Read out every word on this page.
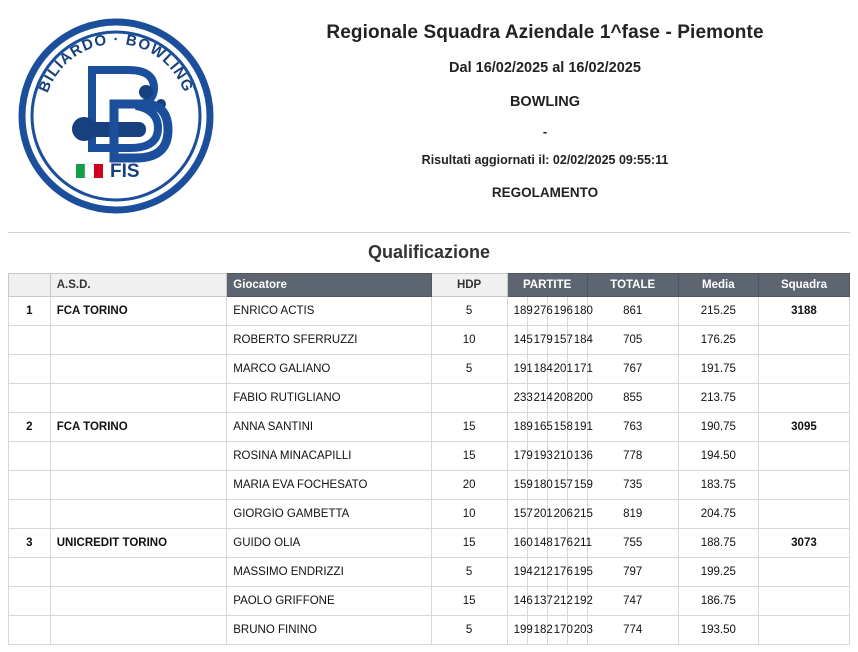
BILIARDO · BOWLING
FIS
Regionale Squadra Aziendale 1^fase - Piemonte
Dal 16/02/2025 al 16/02/2025
BOWLING
-
Risultati aggiornati il: 02/02/2025 09:55:11
REGOLAMENTO
Qualificazione
	A.S.D.	Giocatore	HDP	PARTITE				TOTALE	Media	Squadra
1	FCA TORINO	ENRICO ACTIS	5	189	276	196	180	861	215.25	3188
		ROBERTO SFERRUZZI	10	145	179	157	184	705	176.25	
		MARCO GALIANO	5	191	184	201	171	767	191.75	
		FABIO RUTIGLIANO		233	214	208	200	855	213.75	
2	FCA TORINO	ANNA SANTINI	15	189	165	158	191	763	190.75	3095
		ROSINA MINACAPILLI	15	179	193	210	136	778	194.50	
		MARIA EVA FOCHESATO	20	159	180	157	159	735	183.75	
		GIORGIO GAMBETTA	10	157	201	206	215	819	204.75	
3	UNICREDIT TORINO	GUIDO OLIA	15	160	148	176	211	755	188.75	3073
		MASSIMO ENDRIZZI	5	194	212	176	195	797	199.25	
		PAOLO GRIFFONE	15	146	137	212	192	747	186.75	
		BRUNO FININO	5	199	182	170	203	774	193.50	
